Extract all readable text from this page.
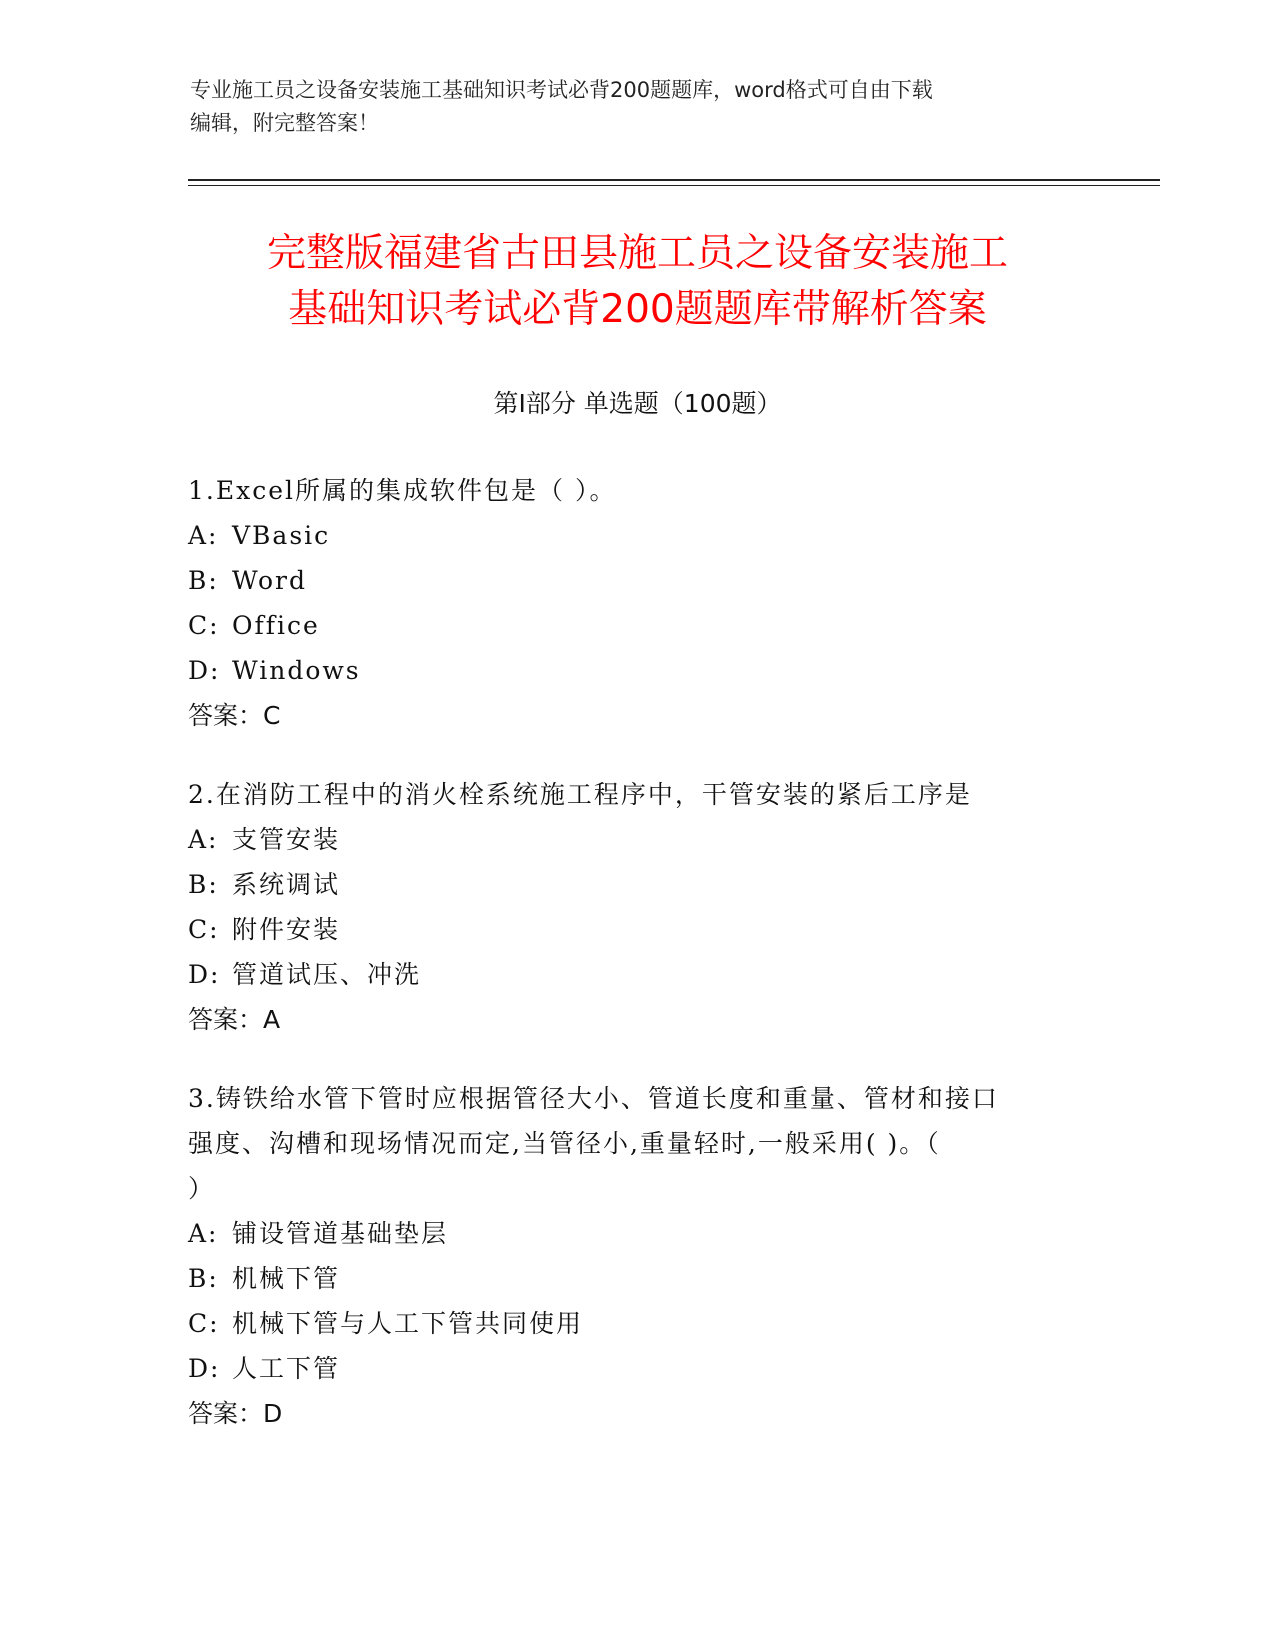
专业施工员之设备安装施工基础知识考试必背200题题库，word格式可自由下载
编辑，附完整答案！
完整版福建省古田县施工员之设备安装施工
基础知识考试必背200题题库带解析答案
第Ⅰ部分 单选题（100题）
1.Excel所属的集成软件包是（ ）。
A: VBasic
B: Word
C: Office
D: Windows
答案：C
2.在消防工程中的消火栓系统施工程序中，干管安装的紧后工序是
A: 支管安装
B: 系统调试
C: 附件安装
D: 管道试压、冲洗
答案：A
3.铸铁给水管下管时应根据管径大小、管道长度和重量、管材和接口
强度、沟槽和现场情况而定,当管径小,重量轻时,一般采用( )。（
）
A: 铺设管道基础垫层
B: 机械下管
C: 机械下管与人工下管共同使用
D: 人工下管
答案：D
